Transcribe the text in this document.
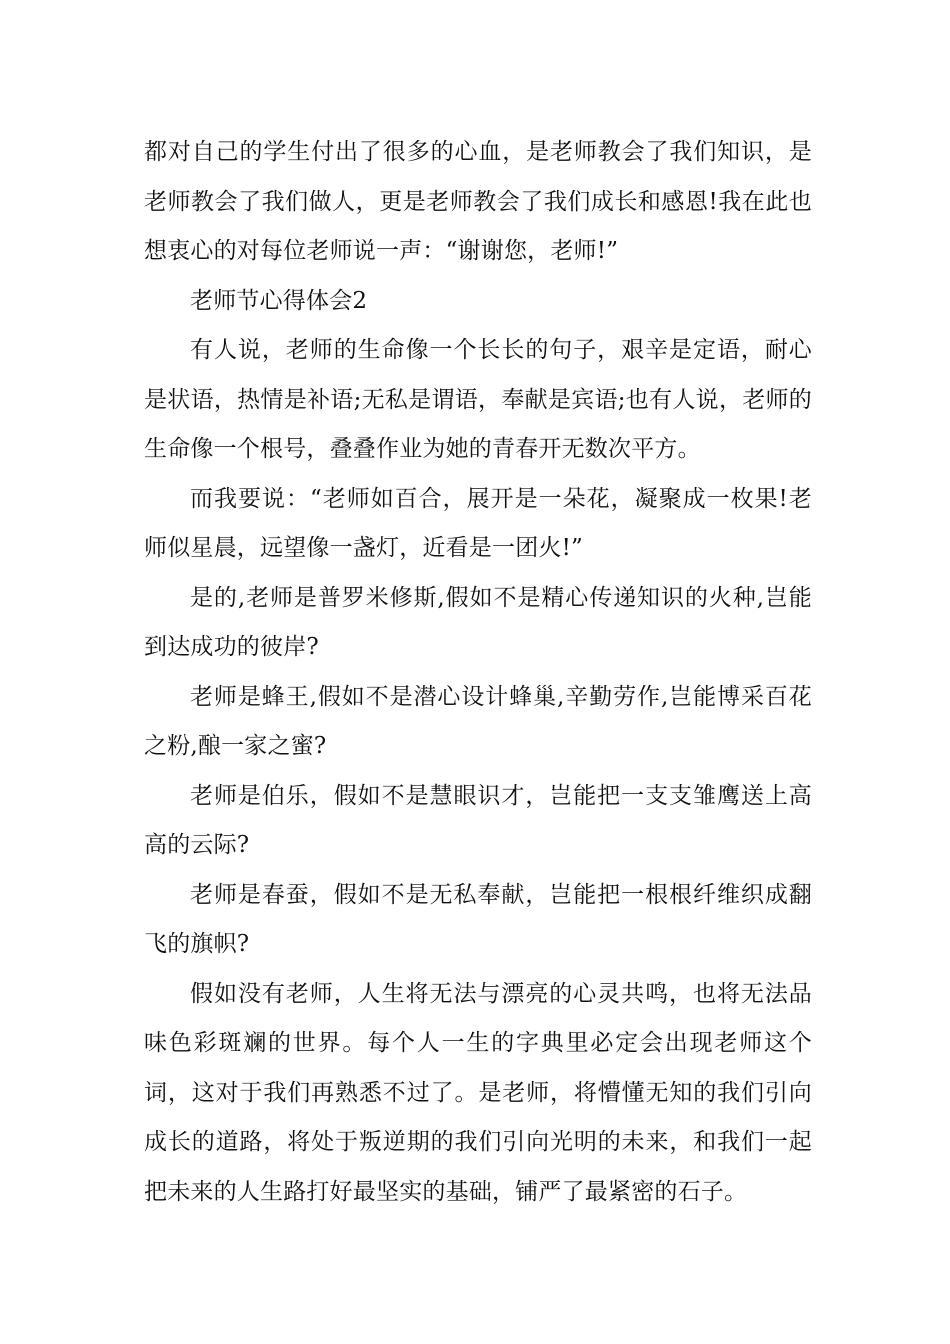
都对自己的学生付出了很多的心血，是老师教会了我们知识，是老师教会了我们做人，更是老师教会了我们成长和感恩!我在此也想衷心的对每位老师说一声：“谢谢您，老师!”

老师节心得体会2

有人说，老师的生命像一个长长的句子，艰辛是定语，耐心是状语，热情是补语;无私是谓语，奉献是宾语;也有人说，老师的生命像一个根号，叠叠作业为她的青春开无数次平方。

而我要说：“老师如百合，展开是一朵花，凝聚成一枚果!老师似星晨，远望像一盏灯，近看是一团火!”

是的,老师是普罗米修斯,假如不是精心传递知识的火种,岂能到达成功的彼岸?

老师是蜂王,假如不是潜心设计蜂巢,辛勤劳作,岂能博采百花之粉,酿一家之蜜?

老师是伯乐，假如不是慧眼识才，岂能把一支支雏鹰送上高高的云际?

老师是春蚕，假如不是无私奉献，岂能把一根根纤维织成翻飞的旗帜?

假如没有老师，人生将无法与漂亮的心灵共鸣，也将无法品味色彩斑斓的世界。每个人一生的字典里必定会出现老师这个词，这对于我们再熟悉不过了。是老师，将懵懂无知的我们引向成长的道路，将处于叛逆期的我们引向光明的未来，和我们一起把未来的人生路打好最坚实的基础，铺严了最紧密的石子。
